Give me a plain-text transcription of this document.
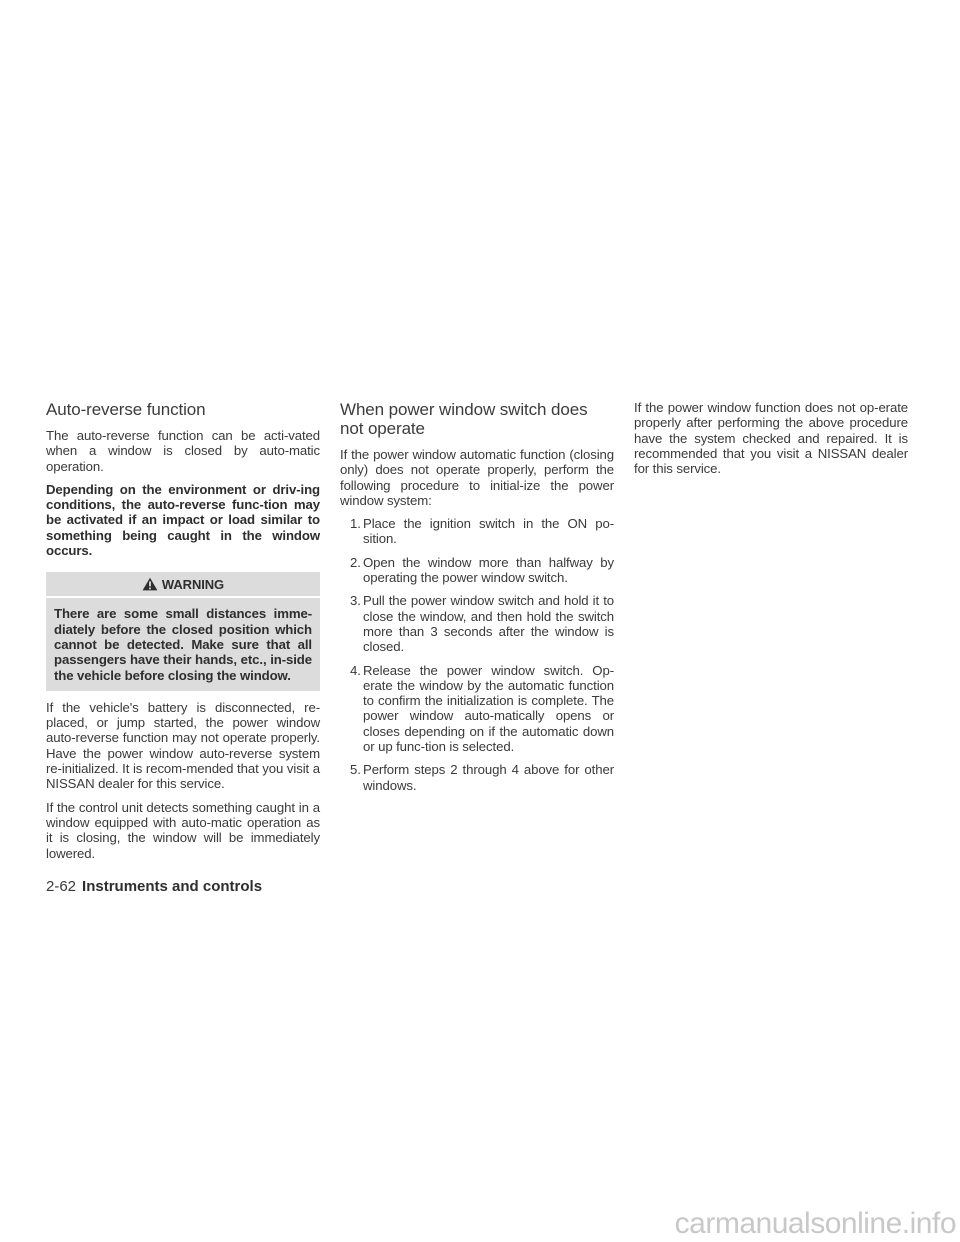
Auto-reverse function

The auto-reverse function can be acti-vated when a window is closed by auto-matic operation.

Depending on the environment or driv-ing conditions, the auto-reverse func-tion may be activated if an impact or load similar to something being caught in the window occurs.

WARNING
There are some small distances imme-diately before the closed position which cannot be detected. Make sure that all passengers have their hands, etc., in-side the vehicle before closing the window.

If the vehicle's battery is disconnected, re-placed, or jump started, the power window auto-reverse function may not operate properly. Have the power window auto-reverse system re-initialized. It is recom-mended that you visit a NISSAN dealer for this service.

If the control unit detects something caught in a window equipped with auto-matic operation as it is closing, the window will be immediately lowered.

When power window switch does not operate

If the power window automatic function (closing only) does not operate properly, perform the following procedure to initial-ize the power window system:

1. Place the ignition switch in the ON po-sition.
2. Open the window more than halfway by operating the power window switch.
3. Pull the power window switch and hold it to close the window, and then hold the switch more than 3 seconds after the window is closed.
4. Release the power window switch. Op-erate the window by the automatic function to confirm the initialization is complete. The power window auto-matically opens or closes depending on if the automatic down or up func-tion is selected.
5. Perform steps 2 through 4 above for other windows.

If the power window function does not op-erate properly after performing the above procedure have the system checked and repaired. It is recommended that you visit a NISSAN dealer for this service.

2-62 Instruments and controls
carmanualsonline.info
